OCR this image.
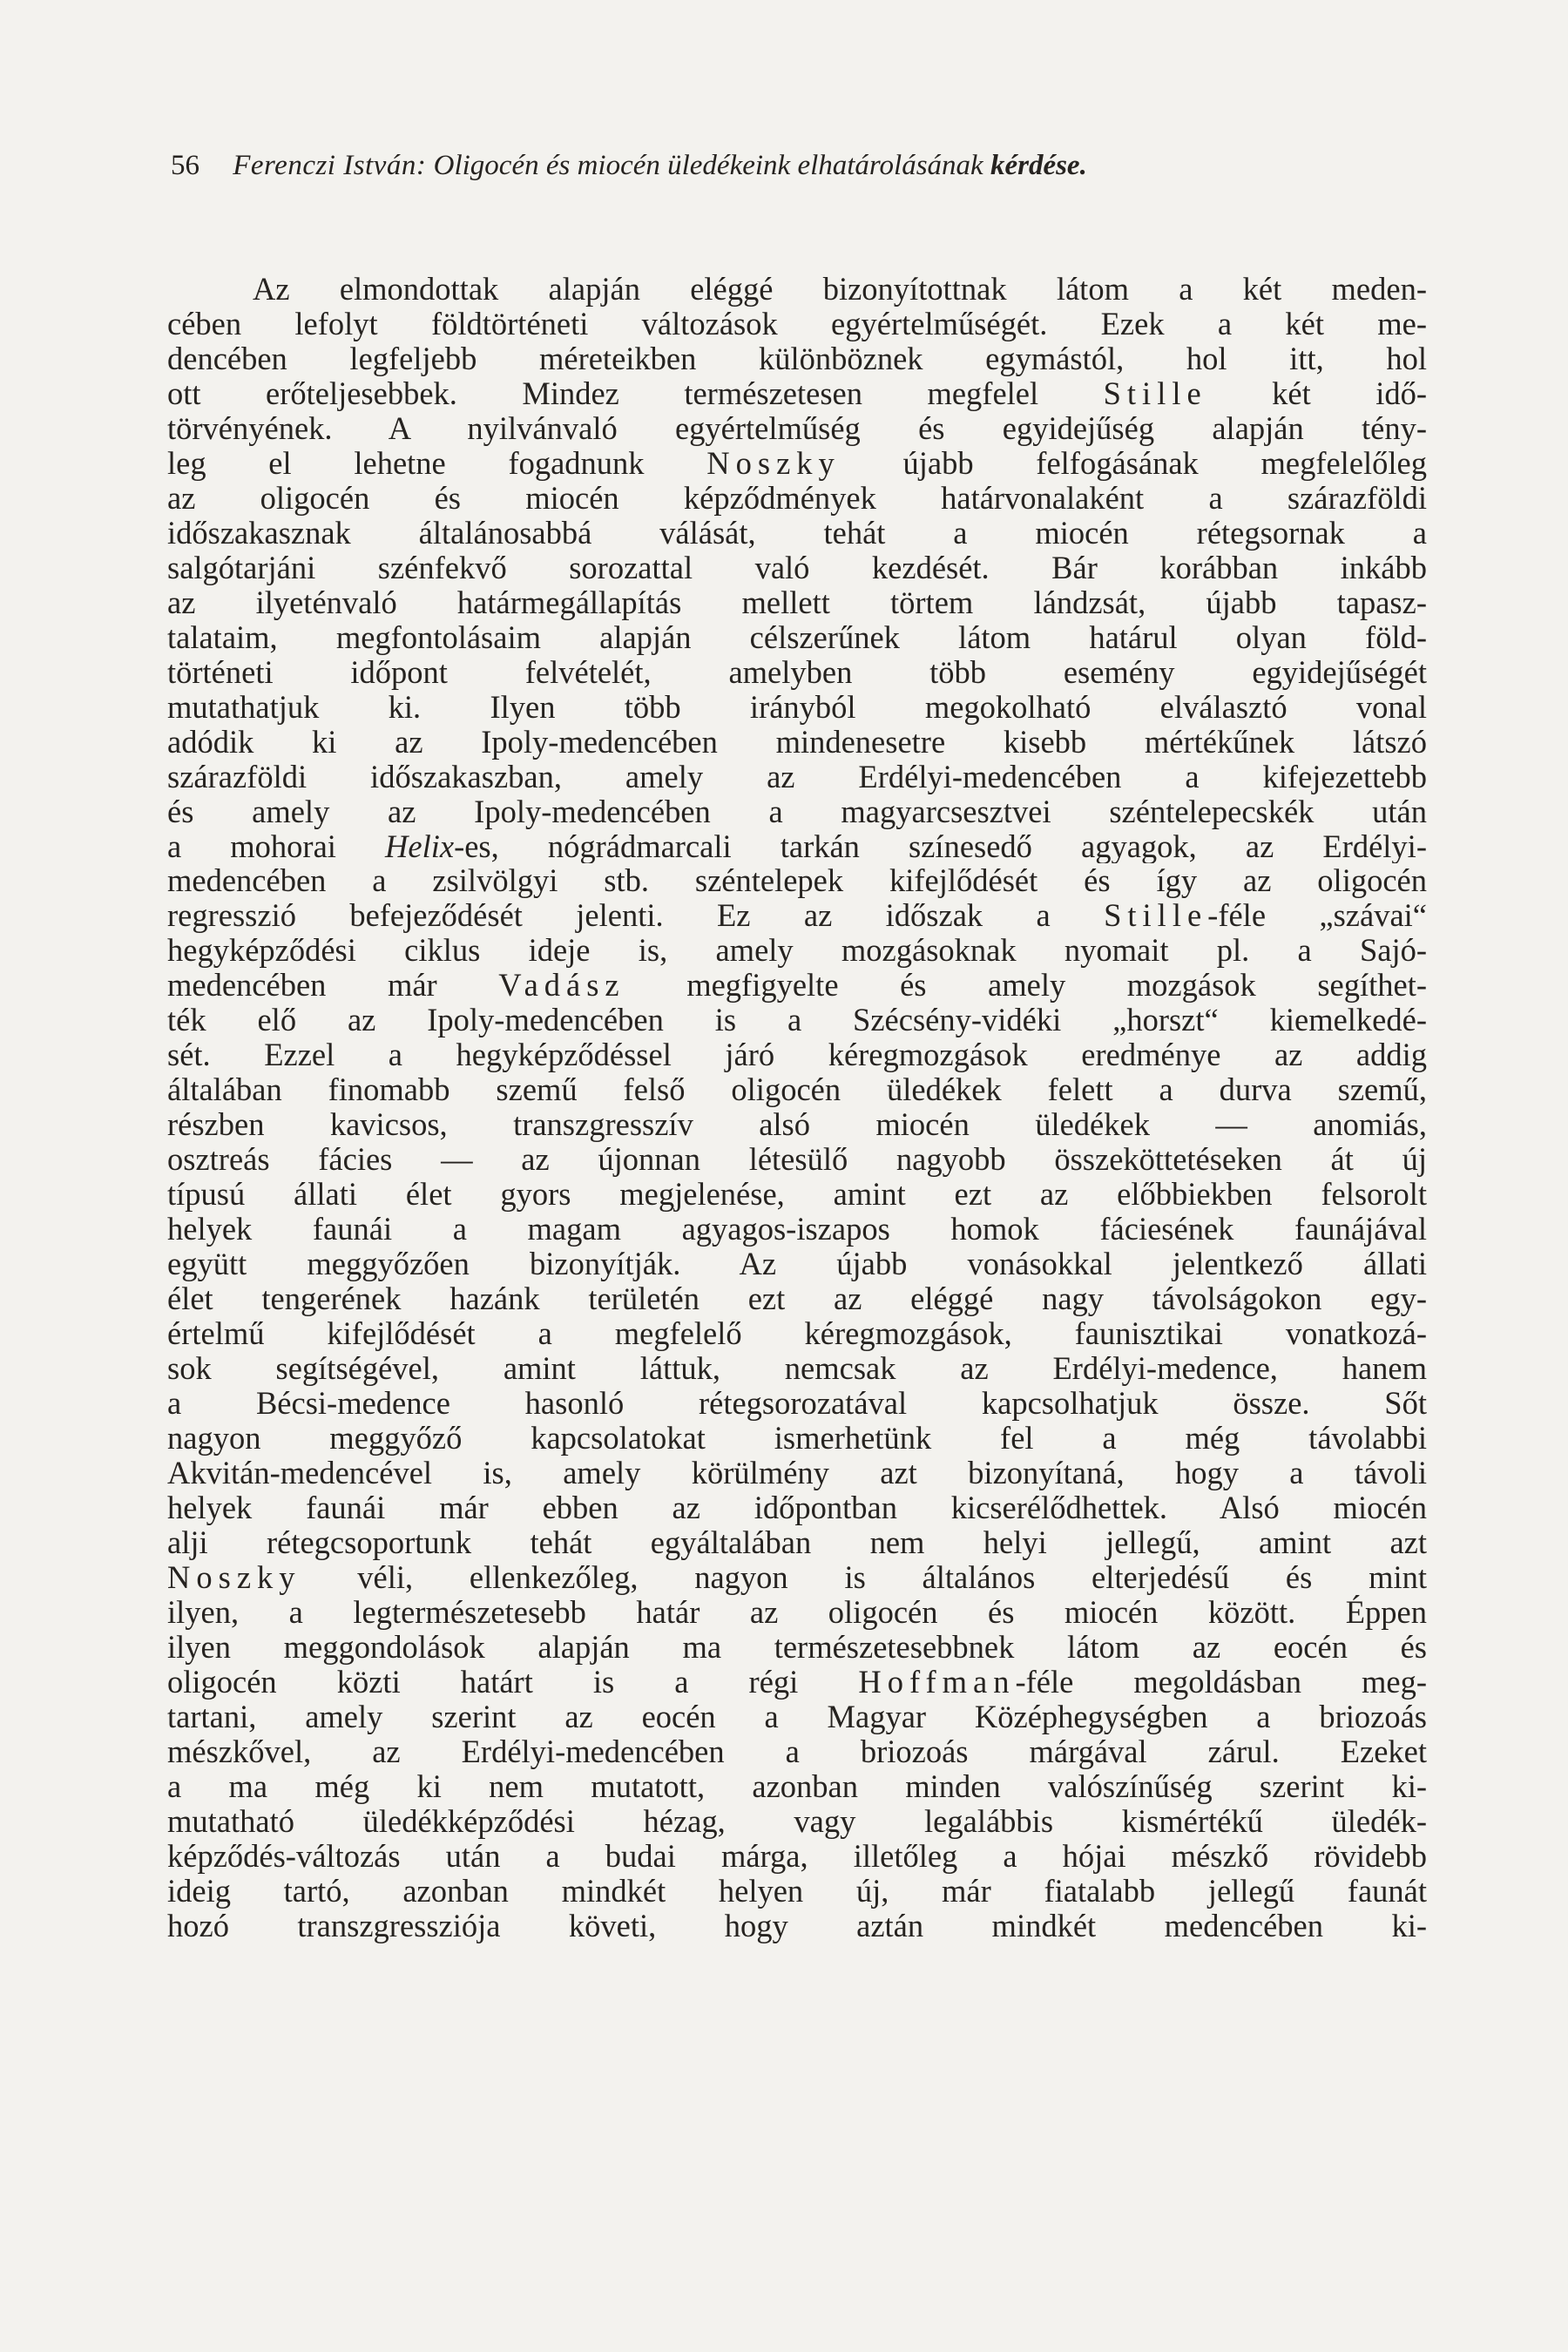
56 Ferenczi István: Oligocén és miocén üledékeink elhatárolásának kérdése.
Az elmondottak alapján eléggé bizonyítottnak látom a két meden-
cében lefolyt földtörténeti változások egyértelműségét. Ezek a két me-
dencében legfeljebb méreteikben különböznek egymástól, hol itt, hol
ott erőteljesebbek. Mindez természetesen megfelel Stille két idő-
törvényének. A nyilvánvaló egyértelműség és egyidejűség alapján tény-
leg el lehetne fogadnunk Noszky újabb felfogásának megfelelőleg
az oligocén és miocén képződmények határvonalaként a szárazföldi
időszakasznak általánosabbá válását, tehát a miocén rétegsornak a
salgótarjáni szénfekvő sorozattal való kezdését. Bár korábban inkább
az ilyeténvaló határmegállapítás mellett törtem lándzsát, újabb tapasz-
talataim, megfontolásaim alapján célszerűnek látom határul olyan föld-
történeti időpont felvételét, amelyben több esemény egyidejűségét
mutathatjuk ki. Ilyen több irányból megokolható elválasztó vonal
adódik ki az Ipoly-medencében mindenesetre kisebb mértékűnek látszó
szárazföldi időszakaszban, amely az Erdélyi-medencében a kifejezettebb
és amely az Ipoly-medencében a magyarcsesztvei széntelepecskék után
a mohorai Helix-es, nógrádmarcali tarkán színesedő agyagok, az Erdélyi-
medencében a zsilvölgyi stb. széntelepek kifejlődését és így az oligocén
regresszió befejeződését jelenti. Ez az időszak a Stille-féle „szávai“
hegyképződési ciklus ideje is, amely mozgásoknak nyomait pl. a Sajó-
medencében már Vadász megfigyelte és amely mozgások segíthet-
ték elő az Ipoly-medencében is a Szécsény-vidéki „horszt“ kiemelkedé-
sét. Ezzel a hegyképződéssel járó kéregmozgások eredménye az addig
általában finomabb szemű felső oligocén üledékek felett a durva szemű,
részben kavicsos, transzgresszív alsó miocén üledékek — anomiás,
osztreás fácies — az újonnan létesülő nagyobb összeköttetéseken át új
típusú állati élet gyors megjelenése, amint ezt az előbbiekben felsorolt
helyek faunái a magam agyagos-iszapos homok fáciesének faunájával
együtt meggyőzően bizonyítják. Az újabb vonásokkal jelentkező állati
élet tengerének hazánk területén ezt az eléggé nagy távolságokon egy-
értelmű kifejlődését a megfelelő kéregmozgások, faunisztikai vonatkozá-
sok segítségével, amint láttuk, nemcsak az Erdélyi-medence, hanem
a Bécsi-medence hasonló rétegsorozatával kapcsolhatjuk össze. Sőt
nagyon meggyőző kapcsolatokat ismerhetünk fel a még távolabbi
Akvitán-medencével is, amely körülmény azt bizonyítaná, hogy a távoli
helyek faunái már ebben az időpontban kicserélődhettek. Alsó miocén
alji rétegcsoportunk tehát egyáltalában nem helyi jellegű, amint azt
Noszky véli, ellenkezőleg, nagyon is általános elterjedésű és mint
ilyen, a legtermészetesebb határ az oligocén és miocén között. Éppen
ilyen meggondolások alapján ma természetesebbnek látom az eocén és
oligocén közti határt is a régi Hoffman-féle megoldásban meg-
tartani, amely szerint az eocén a Magyar Középhegységben a briozoás
mészkővel, az Erdélyi-medencében a briozoás márgával zárul. Ezeket
a ma még ki nem mutatott, azonban minden valószínűség szerint ki-
mutatható üledékképződési hézag, vagy legalábbis kismértékű üledék-
képződés-változás után a budai márga, illetőleg a hójai mészkő rövidebb
ideig tartó, azonban mindkét helyen új, már fiatalabb jellegű faunát
hozó transzgressziója követi, hogy aztán mindkét medencében ki-
